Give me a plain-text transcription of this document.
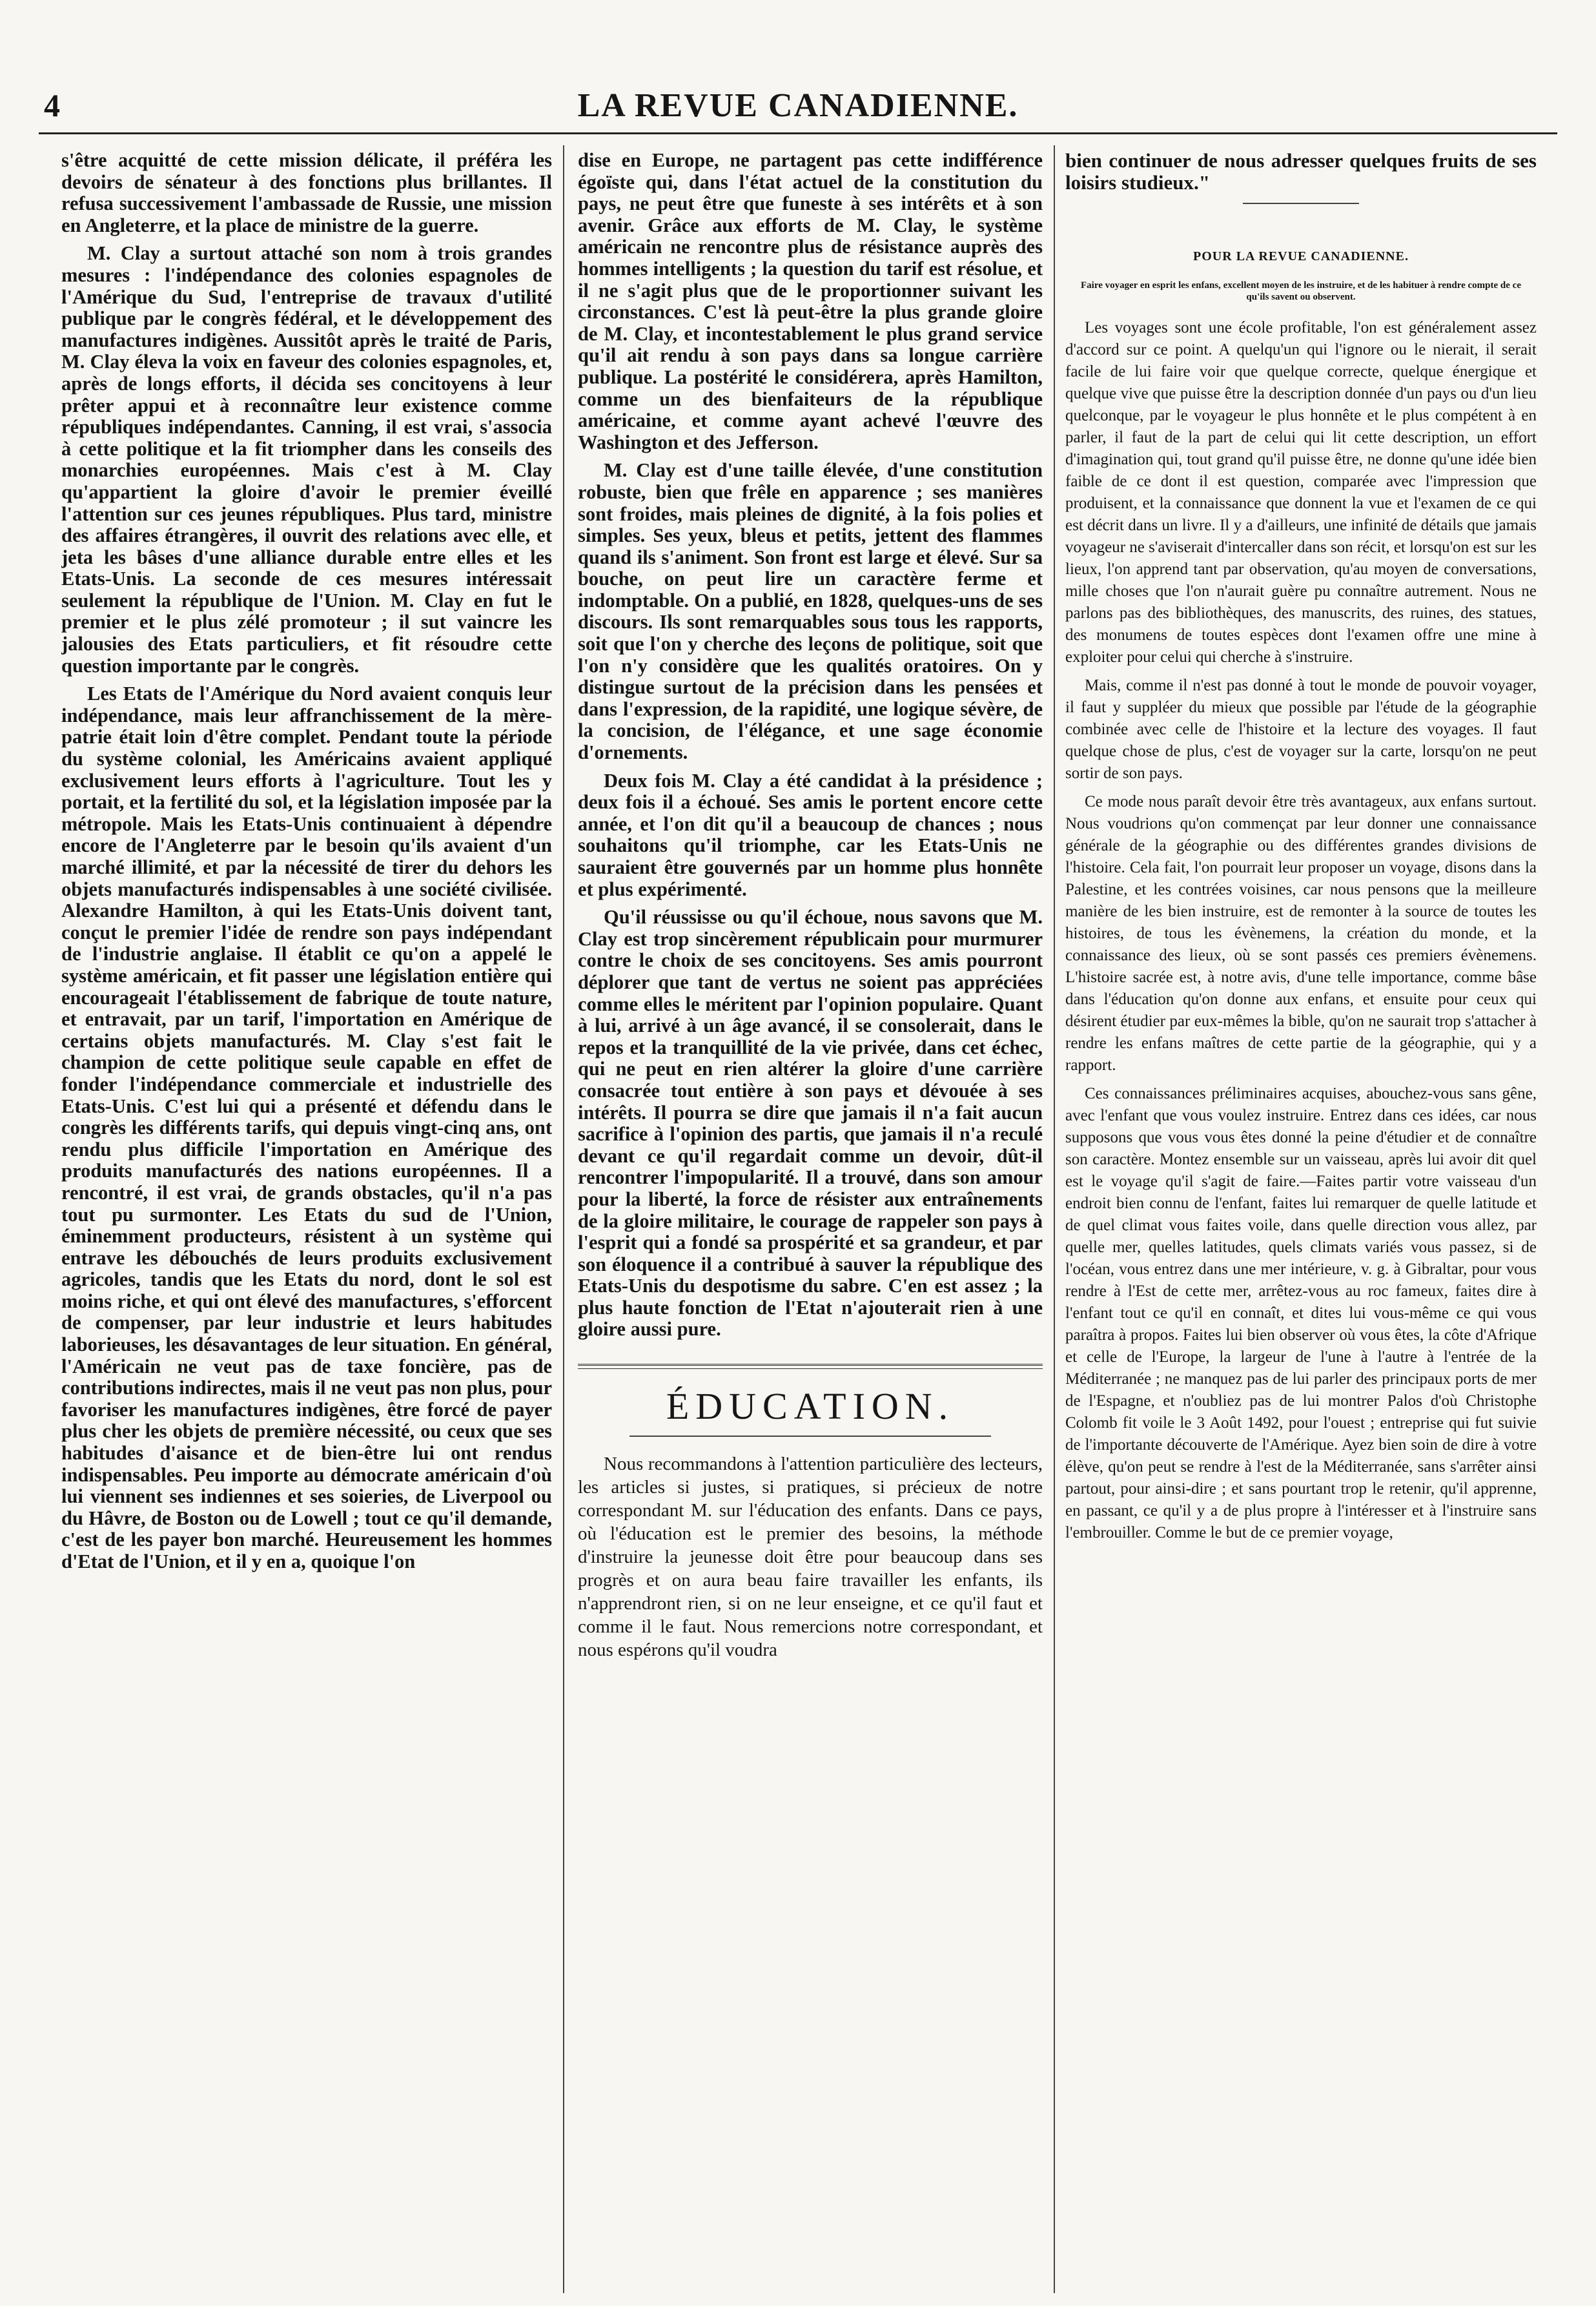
4	LA REVUE CANADIENNE.

s'être acquitté de cette mission délicate, il préféra les devoirs de sénateur à des fonctions plus brillantes. Il refusa successivement l'ambassade de Russie, une mission en Angleterre, et la place de ministre de la guerre.

M. Clay a surtout attaché son nom à trois grandes mesures : l'indépendance des colonies espagnoles de l'Amérique du Sud, l'entreprise de travaux d'utilité publique par le congrès fédéral, et le développement des manufactures indigènes. Aussitôt après le traité de Paris, M. Clay éleva la voix en faveur des colonies espagnoles, et, après de longs efforts, il décida ses concitoyens à leur prêter appui et à reconnaître leur existence comme républiques indépendantes. Canning, il est vrai, s'associa à cette politique et la fit triompher dans les conseils des monarchies européennes. Mais c'est à M. Clay qu'appartient la gloire d'avoir le premier éveillé l'attention sur ces jeunes républiques. Plus tard, ministre des affaires étrangères, il ouvrit des relations avec elle, et jeta les bâses d'une alliance durable entre elles et les Etats-Unis. La seconde de ces mesures intéressait seulement la république de l'Union. M. Clay en fut le premier et le plus zélé promoteur ; il sut vaincre les jalousies des Etats particuliers, et fit résoudre cette question importante par le congrès.

Les Etats de l'Amérique du Nord avaient conquis leur indépendance, mais leur affranchissement de la mère-patrie était loin d'être complet. Pendant toute la période du système colonial, les Américains avaient appliqué exclusivement leurs efforts à l'agriculture. Tout les y portait, et la fertilité du sol, et la législation imposée par la métropole. Mais les Etats-Unis continuaient à dépendre encore de l'Angleterre par le besoin qu'ils avaient d'un marché illimité, et par la nécessité de tirer du dehors les objets manufacturés indispensables à une société civilisée. Alexandre Hamilton, à qui les Etats-Unis doivent tant, conçut le premier l'idée de rendre son pays indépendant de l'industrie anglaise. Il établit ce qu'on a appelé le système américain, et fit passer une législation entière qui encourageait l'établissement de fabrique de toute nature, et entravait, par un tarif, l'importation en Amérique de certains objets manufacturés. M. Clay s'est fait le champion de cette politique seule capable en effet de fonder l'indépendance commerciale et industrielle des Etats-Unis. C'est lui qui a présenté et défendu dans le congrès les différents tarifs, qui depuis vingt-cinq ans, ont rendu plus difficile l'importation en Amérique des produits manufacturés des nations européennes. Il a rencontré, il est vrai, de grands obstacles, qu'il n'a pas tout pu surmonter. Les Etats du sud de l'Union, éminemment producteurs, résistent à un système qui entrave les débouchés de leurs produits exclusivement agricoles, tandis que les Etats du nord, dont le sol est moins riche, et qui ont élevé des manufactures, s'efforcent de compenser, par leur industrie et leurs habitudes laborieuses, les désavantages de leur situation. En général, l'Américain ne veut pas de taxe foncière, pas de contributions indirectes, mais il ne veut pas non plus, pour favoriser les manufactures indigènes, être forcé de payer plus cher les objets de première nécessité, ou ceux que ses habitudes d'aisance et de bien-être lui ont rendus indispensables. Peu importe au démocrate américain d'où lui viennent ses indiennes et ses soieries, de Liverpool ou du Hâvre, de Boston ou de Lowell ; tout ce qu'il demande, c'est de les payer bon marché. Heureusement les hommes d'Etat de l'Union, et il y en a, quoique l'on

dise en Europe, ne partagent pas cette indifférence égoïste qui, dans l'état actuel de la constitution du pays, ne peut être que funeste à ses intérêts et à son avenir. Grâce aux efforts de M. Clay, le système américain ne rencontre plus de résistance auprès des hommes intelligents ; la question du tarif est résolue, et il ne s'agit plus que de le proportionner suivant les circonstances. C'est là peut-être la plus grande gloire de M. Clay, et incontestablement le plus grand service qu'il ait rendu à son pays dans sa longue carrière publique. La postérité le considérera, après Hamilton, comme un des bienfaiteurs de la république américaine, et comme ayant achevé l'œuvre des Washington et des Jefferson.

M. Clay est d'une taille élevée, d'une constitution robuste, bien que frêle en apparence ; ses manières sont froides, mais pleines de dignité, à la fois polies et simples. Ses yeux, bleus et petits, jettent des flammes quand ils s'animent. Son front est large et élevé. Sur sa bouche, on peut lire un caractère ferme et indomptable. On a publié, en 1828, quelques-uns de ses discours. Ils sont remarquables sous tous les rapports, soit que l'on y cherche des leçons de politique, soit que l'on n'y considère que les qualités oratoires. On y distingue surtout de la précision dans les pensées et dans l'expression, de la rapidité, une logique sévère, de la concision, de l'élégance, et une sage économie d'ornements.

Deux fois M. Clay a été candidat à la présidence ; deux fois il a échoué. Ses amis le portent encore cette année, et l'on dit qu'il a beaucoup de chances ; nous souhaitons qu'il triomphe, car les Etats-Unis ne sauraient être gouvernés par un homme plus honnête et plus expérimenté.

Qu'il réussisse ou qu'il échoue, nous savons que M. Clay est trop sincèrement républicain pour murmurer contre le choix de ses concitoyens. Ses amis pourront déplorer que tant de vertus ne soient pas appréciées comme elles le méritent par l'opinion populaire. Quant à lui, arrivé à un âge avancé, il se consolerait, dans le repos et la tranquillité de la vie privée, dans cet échec, qui ne peut en rien altérer la gloire d'une carrière consacrée tout entière à son pays et dévouée à ses intérêts. Il pourra se dire que jamais il n'a fait aucun sacrifice à l'opinion des partis, que jamais il n'a reculé devant ce qu'il regardait comme un devoir, dût-il rencontrer l'impopularité. Il a trouvé, dans son amour pour la liberté, la force de résister aux entraînements de la gloire militaire, le courage de rappeler son pays à l'esprit qui a fondé sa prospérité et sa grandeur, et par son éloquence il a contribué à sauver la république des Etats-Unis du despotisme du sabre. C'en est assez ; la plus haute fonction de l'Etat n'ajouterait rien à une gloire aussi pure.

ÉDUCATION.

Nous recommandons à l'attention particulière des lecteurs, les articles si justes, si pratiques, si précieux de notre correspondant M. sur l'éducation des enfants. Dans ce pays, où l'éducation est le premier des besoins, la méthode d'instruire la jeunesse doit être pour beaucoup dans ses progrès et on aura beau faire travailler les enfants, ils n'apprendront rien, si on ne leur enseigne, et ce qu'il faut et comme il le faut. Nous remercions notre correspondant, et nous espérons qu'il voudra

bien continuer de nous adresser quelques fruits de ses loisirs studieux."

POUR LA REVUE CANADIENNE.
Faire voyager en esprit les enfans, excellent moyen de les instruire, et de les habituer à rendre compte de ce qu'ils savent ou observent.

Les voyages sont une école profitable, l'on est généralement assez d'accord sur ce point. A quelqu'un qui l'ignore ou le nierait, il serait facile de lui faire voir que quelque correcte, quelque énergique et quelque vive que puisse être la description donnée d'un pays ou d'un lieu quelconque, par le voyageur le plus honnête et le plus compétent à en parler, il faut de la part de celui qui lit cette description, un effort d'imagination qui, tout grand qu'il puisse être, ne donne qu'une idée bien faible de ce dont il est question, comparée avec l'impression que produisent, et la connaissance que donnent la vue et l'examen de ce qui est décrit dans un livre. Il y a d'ailleurs, une infinité de détails que jamais voyageur ne s'aviserait d'intercaller dans son récit, et lorsqu'on est sur les lieux, l'on apprend tant par observation, qu'au moyen de conversations, mille choses que l'on n'aurait guère pu connaître autrement. Nous ne parlons pas des bibliothèques, des manuscrits, des ruines, des statues, des monumens de toutes espèces dont l'examen offre une mine à exploiter pour celui qui cherche à s'instruire.

Mais, comme il n'est pas donné à tout le monde de pouvoir voyager, il faut y suppléer du mieux que possible par l'étude de la géographie combinée avec celle de l'histoire et la lecture des voyages. Il faut quelque chose de plus, c'est de voyager sur la carte, lorsqu'on ne peut sortir de son pays.

Ce mode nous paraît devoir être très avantageux, aux enfans surtout. Nous voudrions qu'on commençat par leur donner une connaissance générale de la géographie ou des différentes grandes divisions de l'histoire. Cela fait, l'on pourrait leur proposer un voyage, disons dans la Palestine, et les contrées voisines, car nous pensons que la meilleure manière de les bien instruire, est de remonter à la source de toutes les histoires, de tous les évènemens, la création du monde, et la connaissance des lieux, où se sont passés ces premiers évènemens. L'histoire sacrée est, à notre avis, d'une telle importance, comme bâse dans l'éducation qu'on donne aux enfans, et ensuite pour ceux qui désirent étudier par eux-mêmes la bible, qu'on ne saurait trop s'attacher à rendre les enfans maîtres de cette partie de la géographie, qui y a rapport.

Ces connaissances préliminaires acquises, abouchez-vous sans gêne, avec l'enfant que vous voulez instruire. Entrez dans ces idées, car nous supposons que vous vous êtes donné la peine d'étudier et de connaître son caractère. Montez ensemble sur un vaisseau, après lui avoir dit quel est le voyage qu'il s'agit de faire.—Faites partir votre vaisseau d'un endroit bien connu de l'enfant, faites lui remarquer de quelle latitude et de quel climat vous faites voile, dans quelle direction vous allez, par quelle mer, quelles latitudes, quels climats variés vous passez, si de l'océan, vous entrez dans une mer intérieure, v. g. à Gibraltar, pour vous rendre à l'Est de cette mer, arrêtez-vous au roc fameux, faites dire à l'enfant tout ce qu'il en connaît, et dites lui vous-même ce qui vous paraîtra à propos. Faites lui bien observer où vous êtes, la côte d'Afrique et celle de l'Europe, la largeur de l'une à l'autre à l'entrée de la Méditerranée ; ne manquez pas de lui parler des principaux ports de mer de l'Espagne, et n'oubliez pas de lui montrer Palos d'où Christophe Colomb fit voile le 3 Août 1492, pour l'ouest ; entreprise qui fut suivie de l'importante découverte de l'Amérique. Ayez bien soin de dire à votre élève, qu'on peut se rendre à l'est de la Méditerranée, sans s'arrêter ainsi partout, pour ainsi-dire ; et sans pourtant trop le retenir, qu'il apprenne, en passant, ce qu'il y a de plus propre à l'intéresser et à l'instruire sans l'embrouiller. Comme le but de ce premier voyage,
